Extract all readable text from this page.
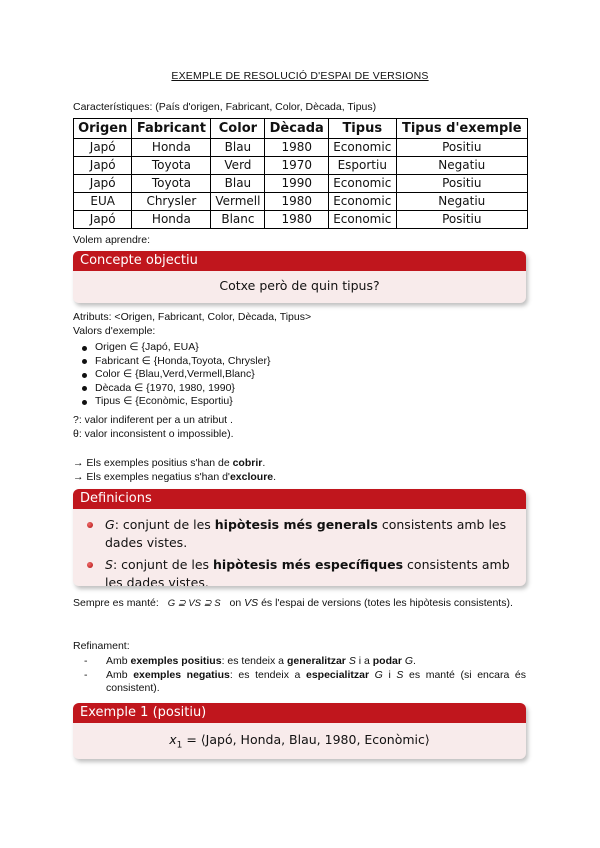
EXEMPLE DE RESOLUCIÓ D'ESPAI DE VERSIONS
Característiques: (País d'origen, Fabricant, Color, Dècada, Tipus)
Origen	Fabricant	Color	Dècada	Tipus	Tipus d'exemple
Japó	Honda	Blau	1980	Economic	Positiu
Japó	Toyota	Verd	1970	Esportiu	Negatiu
Japó	Toyota	Blau	1990	Economic	Positiu
EUA	Chrysler	Vermell	1980	Economic	Negatiu
Japó	Honda	Blanc	1980	Economic	Positiu
Volem aprendre:
Concepte objectiu
Cotxe però de quin tipus?
Atributs: <Origen, Fabricant, Color, Dècada, Tipus>
Valors d'exemple:
Origen ∈ {Japó, EUA}
Fabricant ∈ {Honda,Toyota, Chrysler}
Color ∈ {Blau,Verd,Vermell,Blanc}
Dècada ∈ {1970, 1980, 1990}
Tipus ∈ {Econòmic, Esportiu}
?: valor indiferent per a un atribut .
θ: valor inconsistent o impossible).
→ Els exemples positius s'han de cobrir.
→ Els exemples negatius s'han d'excloure.
Definicions
G: conjunt de les hipòtesis més generals consistents amb les dades vistes.
S: conjunt de les hipòtesis més específiques consistents amb les dades vistes.
Sempre es manté: G ⊇ VS ⊇ S on VS és l'espai de versions (totes les hipòtesis consistents).
Refinament:
-	Amb exemples positius: es tendeix a generalitzar S i a podar G.
-	Amb exemples negatius: es tendeix a especialitzar G i S es manté (si encara és consistent).
Exemple 1 (positiu)
$x_1$ = ⟨Japó, Honda, Blau, 1980, Econòmic⟩
